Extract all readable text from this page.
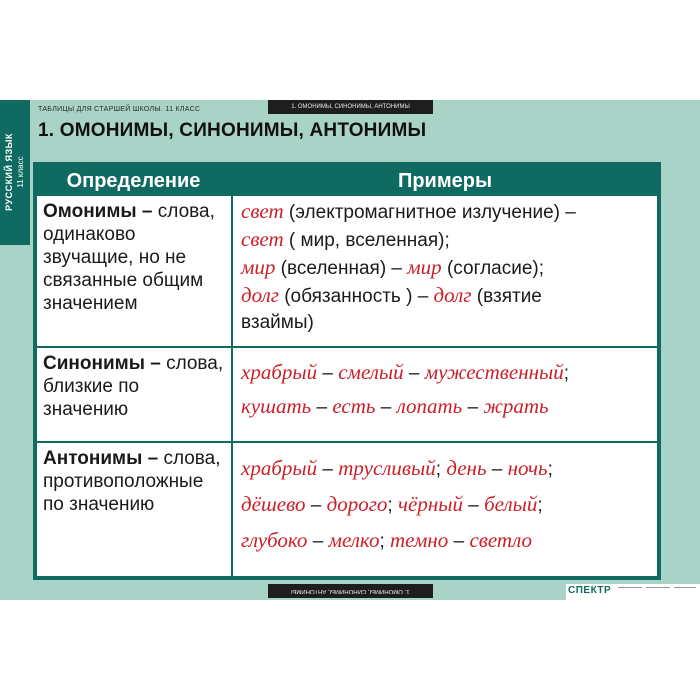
РУССКИЙ ЯЗЫК 11 класс
1. ОМОНИМЫ, СИНОНИМЫ, АНТОНИМЫ
ТАБЛИЦЫ ДЛЯ СТАРШЕЙ ШКОЛЫ. 11 КЛАСС
1. ОМОНИМЫ, СИНОНИМЫ, АНТОНИМЫ
Определение	Примеры
Омонимы – слова, одинаково звучащие, но не связанные общим значением
свет (электромагнитное излучение) –
свет ( мир, вселенная);
мир (вселенная) – мир (согласие);
долг (обязанность ) – долг (взятие
взаймы)
Синонимы – слова, близкие по значению
храбрый – смелый – мужественный;
кушать – есть – лопать – жрать
Антонимы – слова, противоположные по значению
храбрый – трусливый; день – ночь;
дёшево – дорого; чёрный – белый;
глубоко – мелко; темно – светло
1. ОМОНИМЫ, СИНОНИМЫ, АНТОНИМЫ	СПЕКТР
